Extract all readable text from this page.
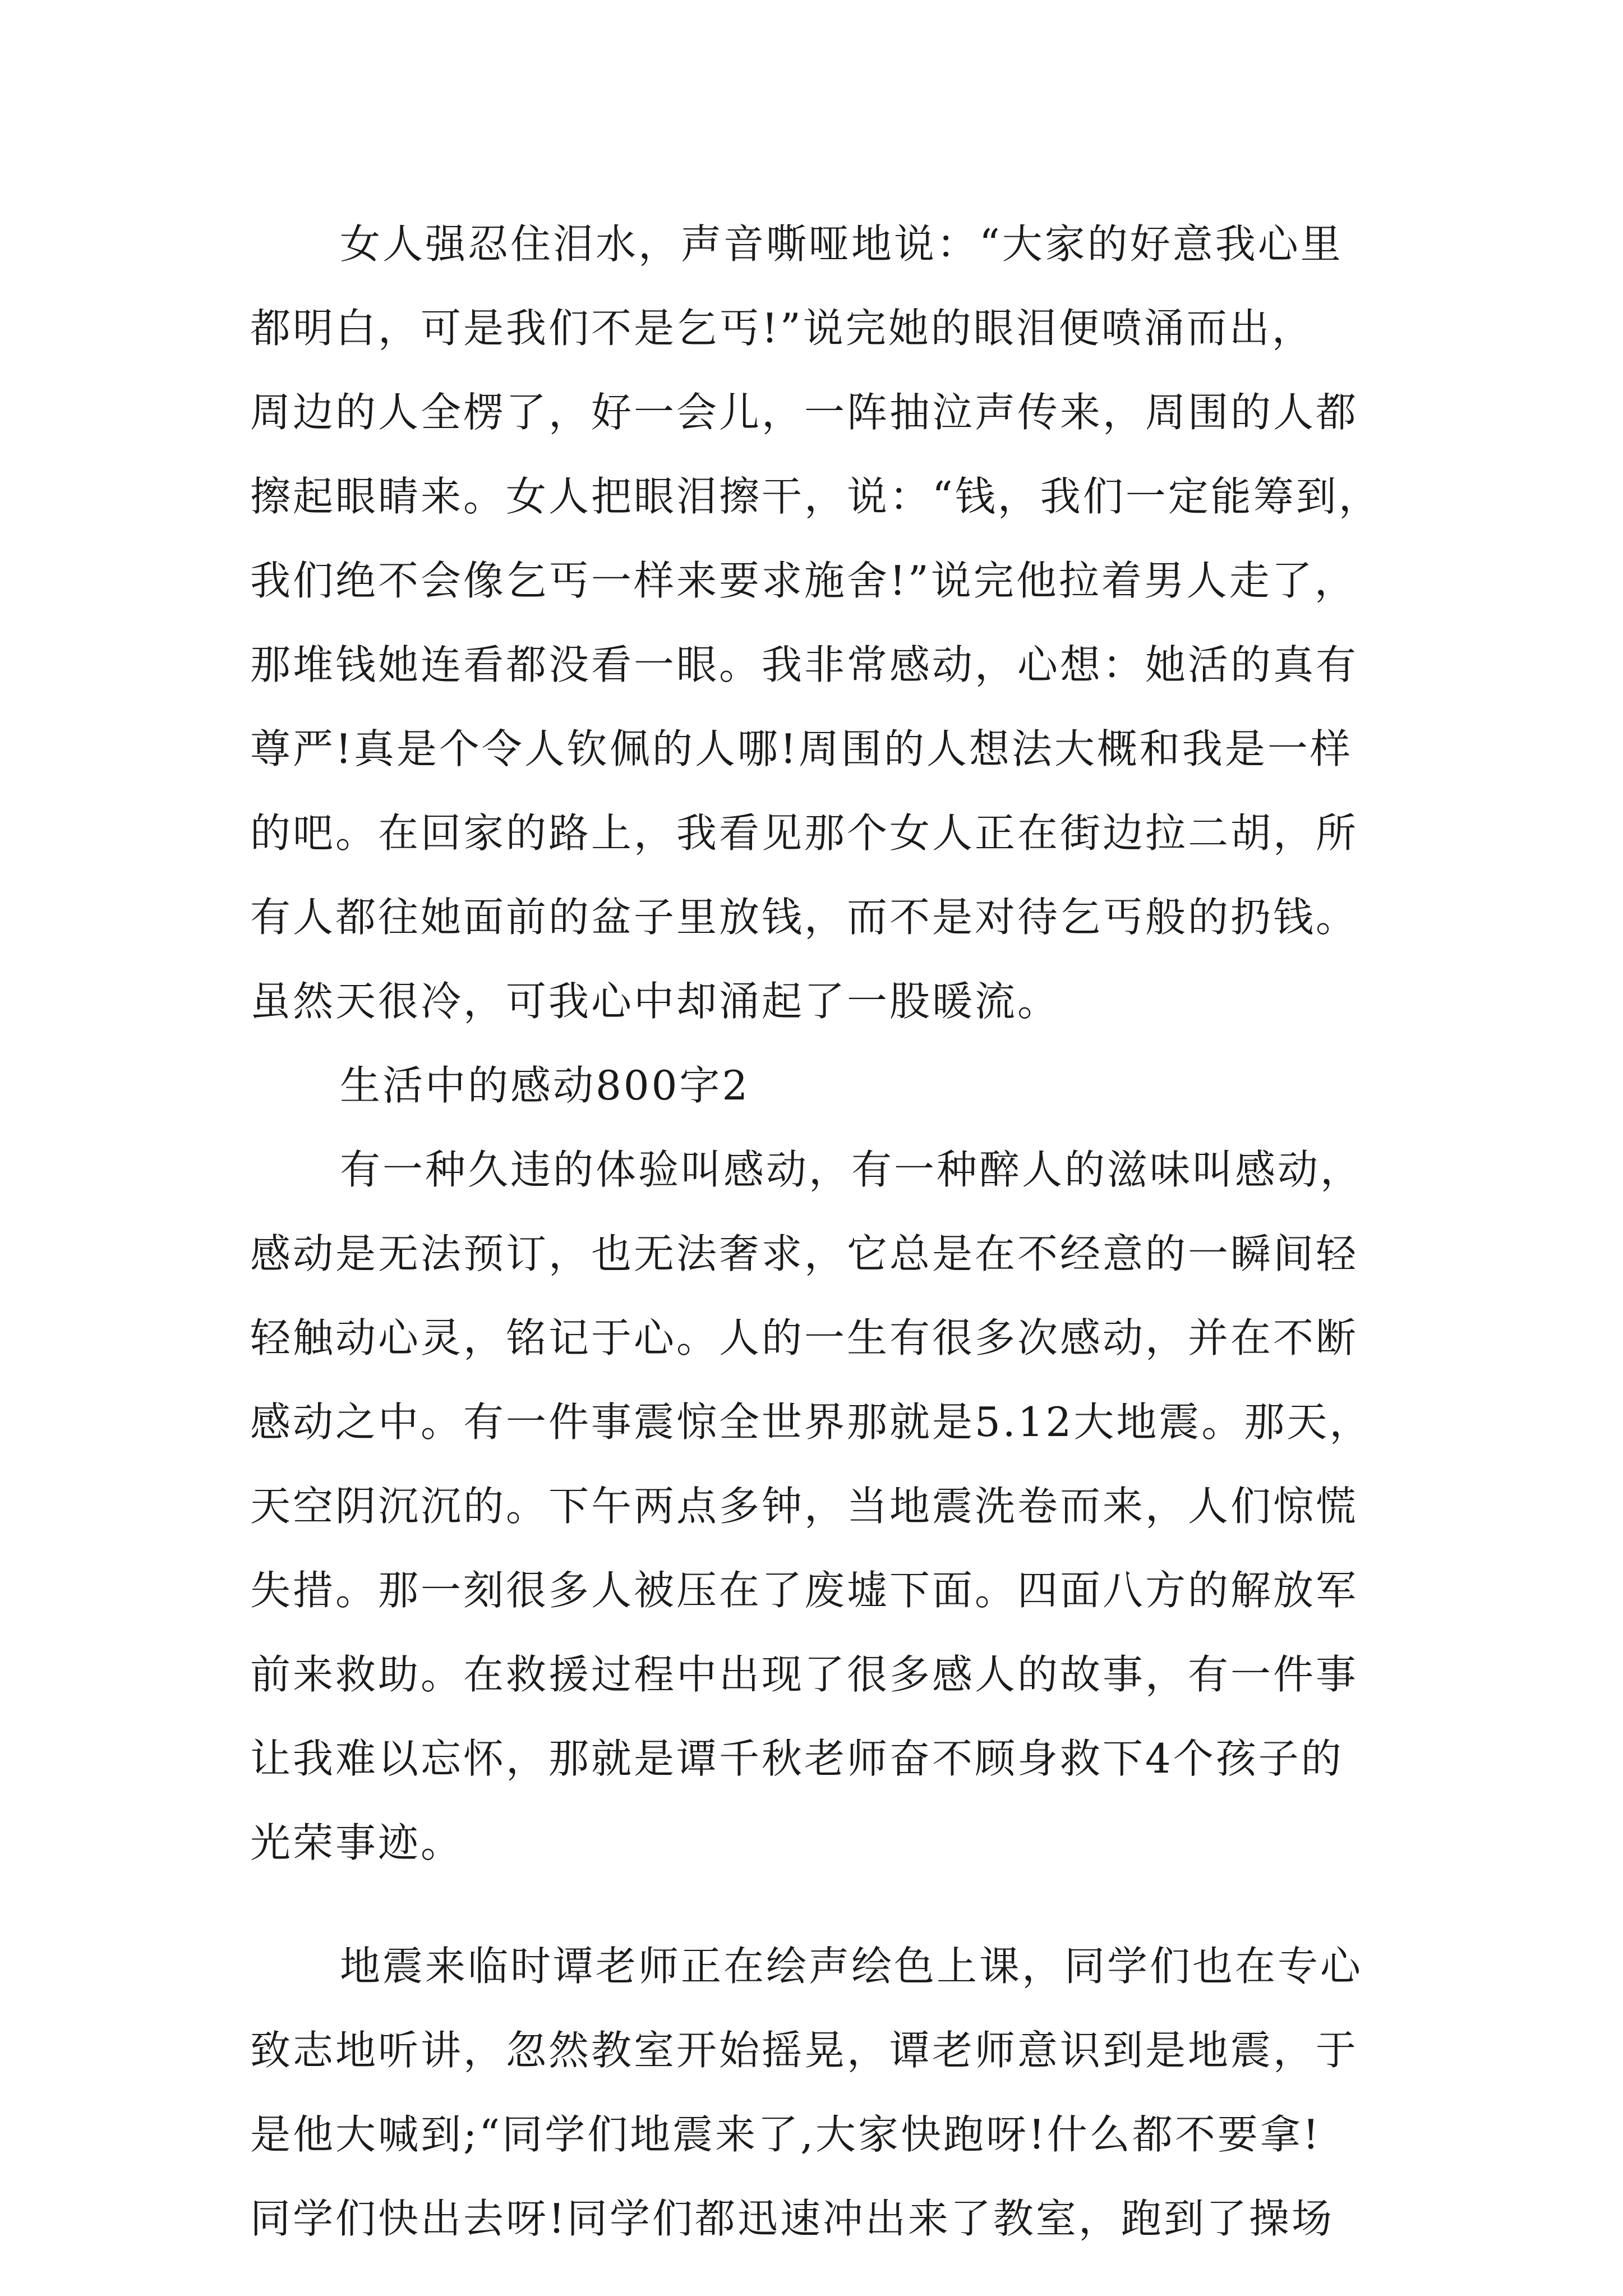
女人强忍住泪水，声音嘶哑地说：“大家的好意我心里
都明白，可是我们不是乞丐!”说完她的眼泪便喷涌而出，
周边的人全楞了，好一会儿，一阵抽泣声传来，周围的人都
擦起眼睛来。女人把眼泪擦干，说：“钱，我们一定能筹到，
我们绝不会像乞丐一样来要求施舍!”说完他拉着男人走了，
那堆钱她连看都没看一眼。我非常感动，心想：她活的真有
尊严!真是个令人钦佩的人哪!周围的人想法大概和我是一样
的吧。在回家的路上，我看见那个女人正在街边拉二胡，所
有人都往她面前的盆子里放钱，而不是对待乞丐般的扔钱。
虽然天很冷，可我心中却涌起了一股暖流。
生活中的感动800字2
有一种久违的体验叫感动，有一种醉人的滋味叫感动，
感动是无法预订，也无法奢求，它总是在不经意的一瞬间轻
轻触动心灵，铭记于心。人的一生有很多次感动，并在不断
感动之中。有一件事震惊全世界那就是5.12大地震。那天，
天空阴沉沉的。下午两点多钟，当地震洗卷而来，人们惊慌
失措。那一刻很多人被压在了废墟下面。四面八方的解放军
前来救助。在救援过程中出现了很多感人的故事，有一件事
让我难以忘怀，那就是谭千秋老师奋不顾身救下4个孩子的
光荣事迹。
地震来临时谭老师正在绘声绘色上课，同学们也在专心
致志地听讲，忽然教室开始摇晃，谭老师意识到是地震，于
是他大喊到;“同学们地震来了,大家快跑呀!什么都不要拿!
同学们快出去呀!同学们都迅速冲出来了教室，跑到了操场
